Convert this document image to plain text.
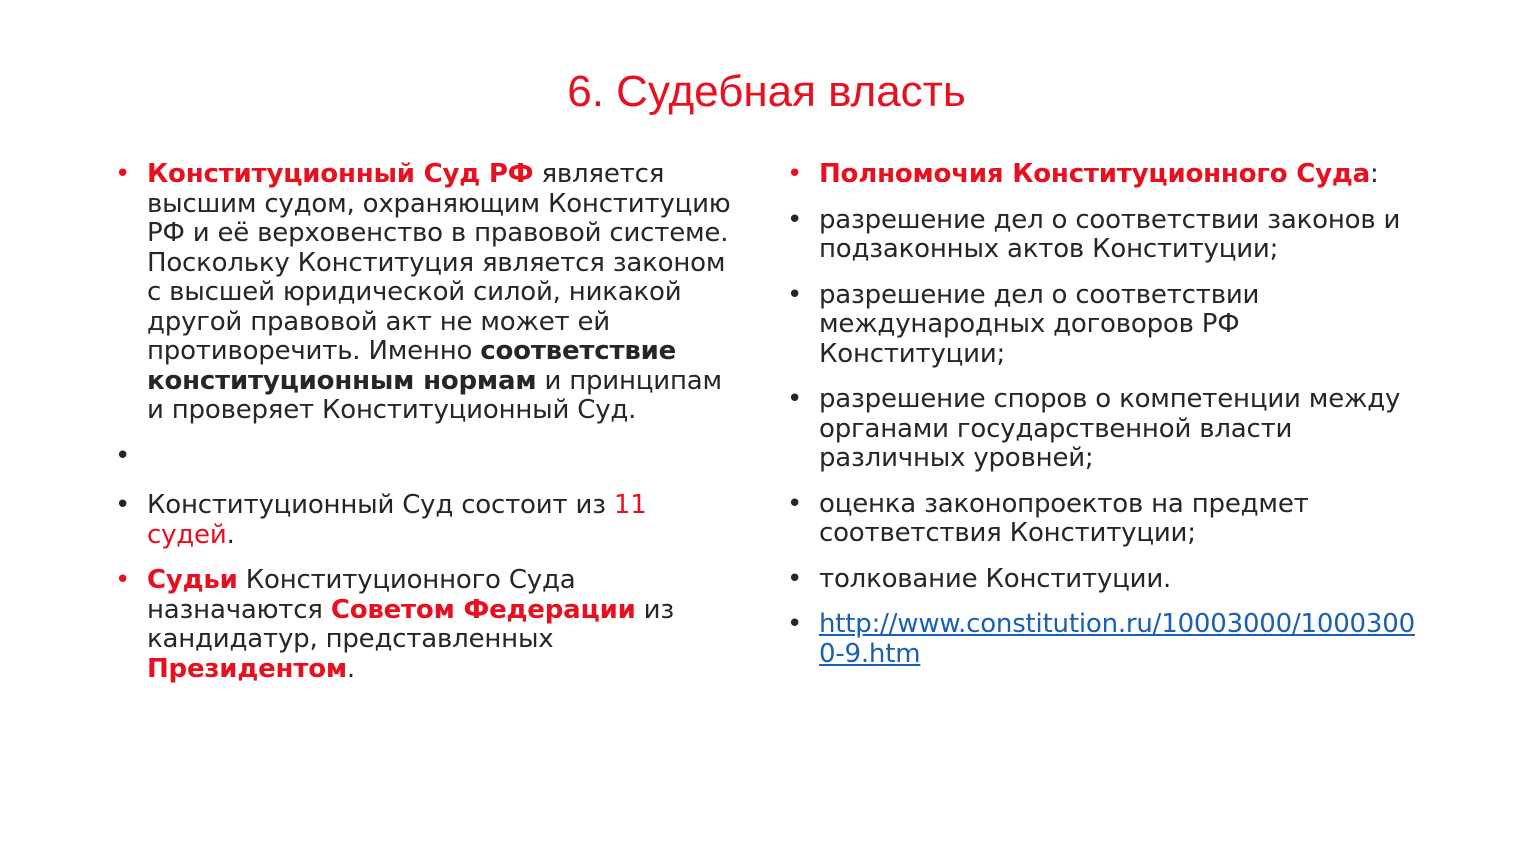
6. Судебная власть
• Конституционный Суд РФ является высшим судом, охраняющим Конституцию РФ и её верховенство в правовой системе. Поскольку Конституция является законом с высшей юридической силой, никакой другой правовой акт не может ей противоречить. Именно соответствие конституционным нормам и принципам и проверяет Конституционный Суд.
•
• Конституционный Суд состоит из 11 судей.
• Судьи Конституционного Суда назначаются Советом Федерации из кандидатур, представленных Президентом.
• Полномочия Конституционного Суда:
• разрешение дел о соответствии законов и подзаконных актов Конституции;
• разрешение дел о соответствии международных договоров РФ Конституции;
• разрешение споров о компетенции между органами государственной власти различных уровней;
• оценка законопроектов на предмет соответствия Конституции;
• толкование Конституции.
• http://www.constitution.ru/10003000/10003000-9.htm
